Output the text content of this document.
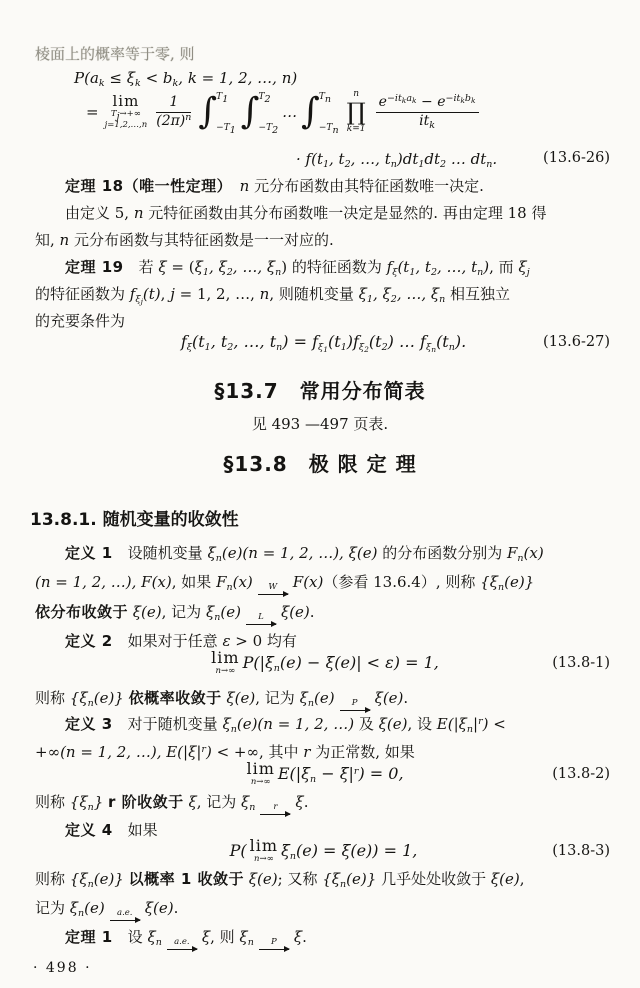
棱面上的概率等于零, 则
$P(a_k \le \xi_k < b_k$, k = 1, 2, …, n)
=
lim
$T_j\to+\infty$
j=1,2,…,n $\frac{1}{(2\pi)^n}$ ∫ $T_1$
$-T_1$ ∫ $T_2$
$-T_2$
… ∫ $T_n$
$-T_n$
n
∏
k=1
$\frac{e^{-it_ka_k} - e^{-it_kb_k}}{it_k}$
· $f(t_1$, $t_2$, …, $t_n)dt_1dt_2$ … $dt_n$.	(13.6-26)
定理 18（唯一性定理）　 n 元分布函数由其特征函数唯一决定.
由定义 5, n 元特征函数由其分布函数唯一决定是显然的. 再由定理 18 得
知, n 元分布函数与其特征函数是一一对应的.
定理 19　若 $\xi = (\xi_1$, $\xi_2$, …, $\xi_n$) 的特征函数为 $f_\xi(t_1$, $t_2$, …, $t_n$), 而 $\xi_j$
的特征函数为 $f_{\xi_j}(t)$, j = 1, 2, …, n, 则随机变量 $\xi_1$, $\xi_2$, …, $\xi_n$ 相互独立
的充要条件为
$f_\xi(t_1$, $t_2$, …, $t_n) = f_{\xi_1}(t_1)f_{\xi_2}(t_2)$ … $f_{\xi_n}(t_n)$.	(13.6-27)
§13.7　常用分布简表
见 493 —497 页表.
§13.8　极 限 定 理
13.8.1. 随机变量的收敛性
定义 1　设随机变量 $\xi_n(e)(n = 1$, 2, …), ξ(e) 的分布函数分别为 $F_n(x)$
(n = 1, 2, …), F(x), 如果 $F_n(x)$ W F(x)（参看 13.6.4）, 则称 $\{\xi_n(e)\}$
依分布收敛于 ξ(e), 记为 $\xi_n(e)$ L ξ(e).
定义 2　如果对于任意 ε > 0 均有
lim
n→∞ $P(|\xi_n(e) - \xi(e)| < \varepsilon) = 1$,	(13.8-1)
则称 $\{\xi_n(e)\}$ 依概率收敛于 ξ(e), 记为 $\xi_n(e)$ P ξ(e).
定义 3　对于随机变量 $\xi_n(e)(n = 1$, 2, …) 及 ξ(e), 设 $E(|\xi_n|^r)$ <
+∞(n = 1, 2, …), $E(|\xi|^r)$ < +∞, 其中 r 为正常数, 如果
lim
n→∞ $E(|\xi_n - \xi|^r) = 0$,	(13.8-2)
则称 $\{\xi_n\}$ r 阶收敛于 ξ, 记为 $\xi_n$ r ξ.
定义 4　如果
P( lim
n→∞ $\xi_n(e) = \xi(e)) = 1$,	(13.8-3)
则称 $\{\xi_n(e)\}$ 以概率 1 收敛于 ξ(e); 又称 $\{\xi_n(e)\}$ 几乎处处收敛于 ξ(e),
记为 $\xi_n(e)$ a.e. ξ(e).
定理 1　设 $\xi_n$ a.e. ξ, 则 $\xi_n$ P ξ.
· 498 ·
